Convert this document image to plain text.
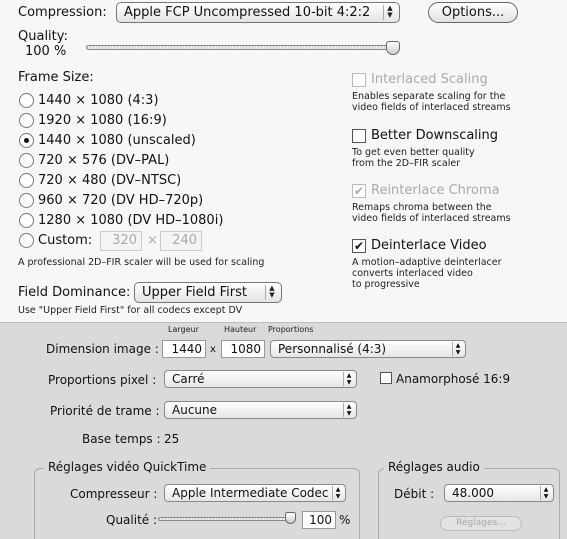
Compression:	Apple FCP Uncompressed 10-bit 4:2:2	▲
▼	Options...
Quality:
100 %
Frame Size:
1440 × 1080 (4:3)
1920 × 1080 (16:9)
1440 × 1080 (unscaled)
720 × 576 (DV–PAL)
720 × 480 (DV–NTSC)
960 × 720 (DV HD–720p)
1280 × 1080 (DV HD–1080i)
Custom:	320 ×	240
A professional 2D–FIR scaler will be used for scaling
Field Dominance: Upper Field First	▲
▼
Use "Upper Field First" for all codecs except DV
Interlaced Scaling
Enables separate scaling for the
video fields of interlaced streams
Better Downscaling
To get even better quality
from the 2D–FIR scaler
✔ Reinterlace Chroma
Remaps chroma between the
video fields of interlaced streams
✔ Deinterlace Video
A motion–adaptive deinterlacer
converts interlaced video
to progressive
Largeur	Hauteur Proportions
Dimension image :	1440 x	1080	Personnalisé (4:3)	▲
▼
Proportions pixel :	Carré	▲
▼	Anamorphosé 16:9
Priorité de trame :	Aucune	▲
▼
Base temps : 25
Réglages vidéo QuickTime
Compresseur :	Apple Intermediate Codec	▲
▼
Qualité :	100 %
Réglages audio
Débit :	48.000	▲
▼
Réglages...
